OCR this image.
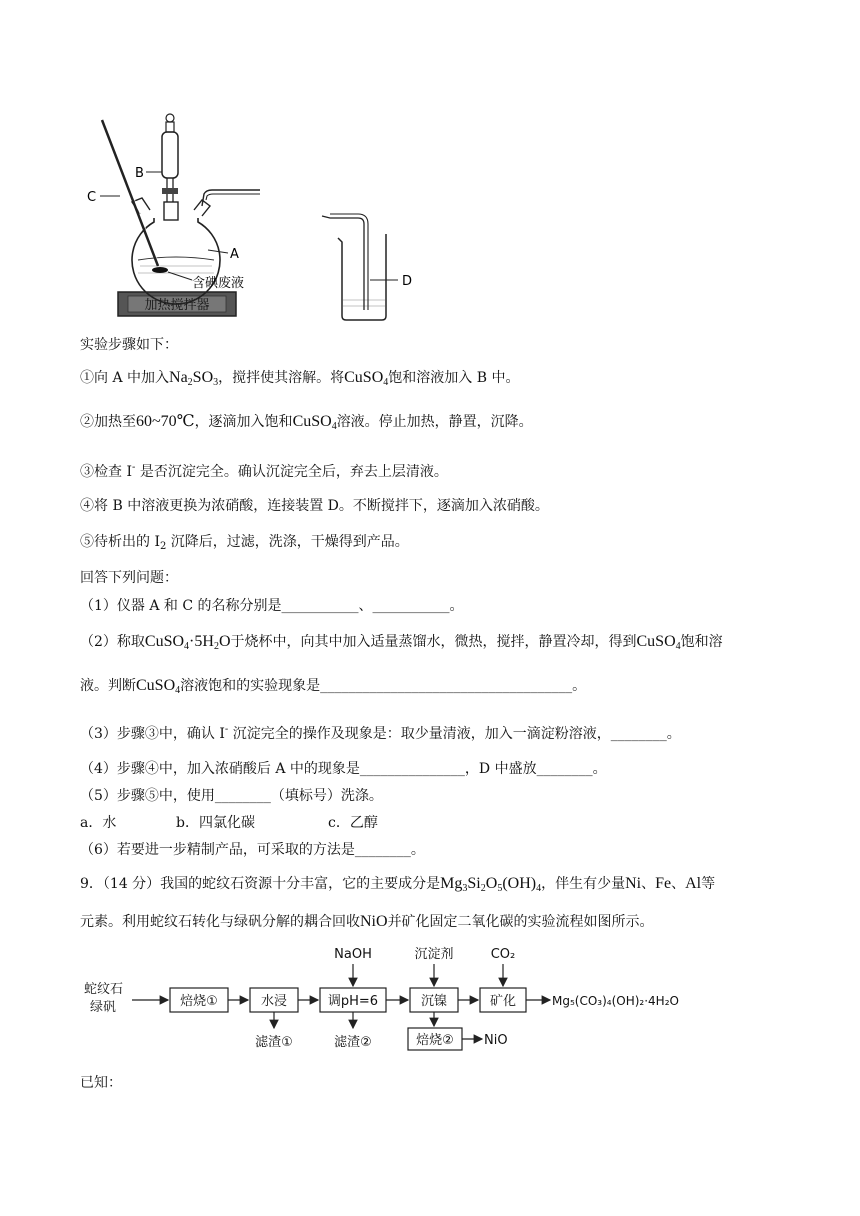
加热搅拌器
B
C
A
含碘废液	D
实验步骤如下：
①向 A 中加入$Na_2SO_3$，搅拌使其溶解。将CuSO$_4$饱和溶液加入 B 中。
②加热至60~70℃，逐滴加入饱和CuSO$_4$溶液。停止加热，静置，沉降。
③检查 I- 是否沉淀完全。确认沉淀完全后，弃去上层清液。
④将 B 中溶液更换为浓硝酸，连接装置 D。不断搅拌下，逐滴加入浓硝酸。
⑤待析出的 $I_2$ 沉降后，过滤，洗涤，干燥得到产品。
回答下列问题：
（1）仪器 A 和 C 的名称分别是___________、___________。
（2）称取$CuSO_4\cdot 5H_2O$于烧杯中，向其中加入适量蒸馏水，微热，搅拌，静置冷却，得到CuSO$_4$饱和溶
液。判断CuSO$_4$溶液饱和的实验现象是____________________________________。
（3）步骤③中，确认 I- 沉淀完全的操作及现象是：取少量清液，加入一滴淀粉溶液，________。
（4）步骤④中，加入浓硝酸后 A 中的现象是_______________，D 中盛放________。
（5）步骤⑤中，使用________（填标号）洗涤。
a．水	b．四氯化碳	c．乙醇
（6）若要进一步精制产品，可采取的方法是________。
9．（14 分）我国的蛇纹石资源十分丰富，它的主要成分是$Mg_3Si_2O_5(OH)_4$，伴生有少量Ni、Fe、Al等
元素。利用蛇纹石转化与绿矾分解的耦合回收NiO并矿化固定二氧化碳的实验流程如图所示。
蛇纹石
绿矾	焙烧①	水浸	调pH=6	沉镍	矿化	Mg₅(CO₃)₄(OH)₂·4H₂O
NaOH	沉淀剂	CO₂
滤渣①	滤渣②	焙烧② NiO
已知：
